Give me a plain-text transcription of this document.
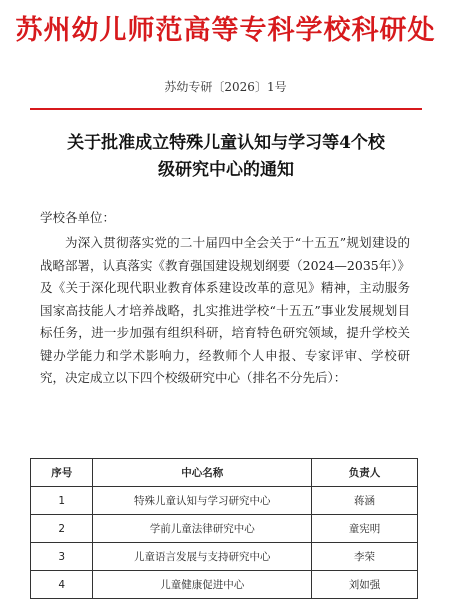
苏州幼儿师范高等专科学校科研处
苏幼专研〔2026〕1号
关于批准成立特殊儿童认知与学习等4个校
级研究中心的通知
学校各单位：
为深入贯彻落实党的二十届四中全会关于“十五五”规划建设的战略部署，认真落实《教育强国建设规划纲要（2024—2035年）》及《关于深化现代职业教育体系建设改革的意见》精神，主动服务国家高技能人才培养战略，扎实推进学校“十五五”事业发展规划目标任务，进一步加强有组织科研，培育特色研究领域，提升学校关键办学能力和学术影响力，经教师个人申报、专家评审、学校研究，决定成立以下四个校级研究中心（排名不分先后）：
序号	中心名称	负责人
1	特殊儿童认知与学习研究中心	蒋涵
2	学前儿童法律研究中心	童宪明
3	儿童语言发展与支持研究中心	李荣
4	儿童健康促进中心	刘如强
